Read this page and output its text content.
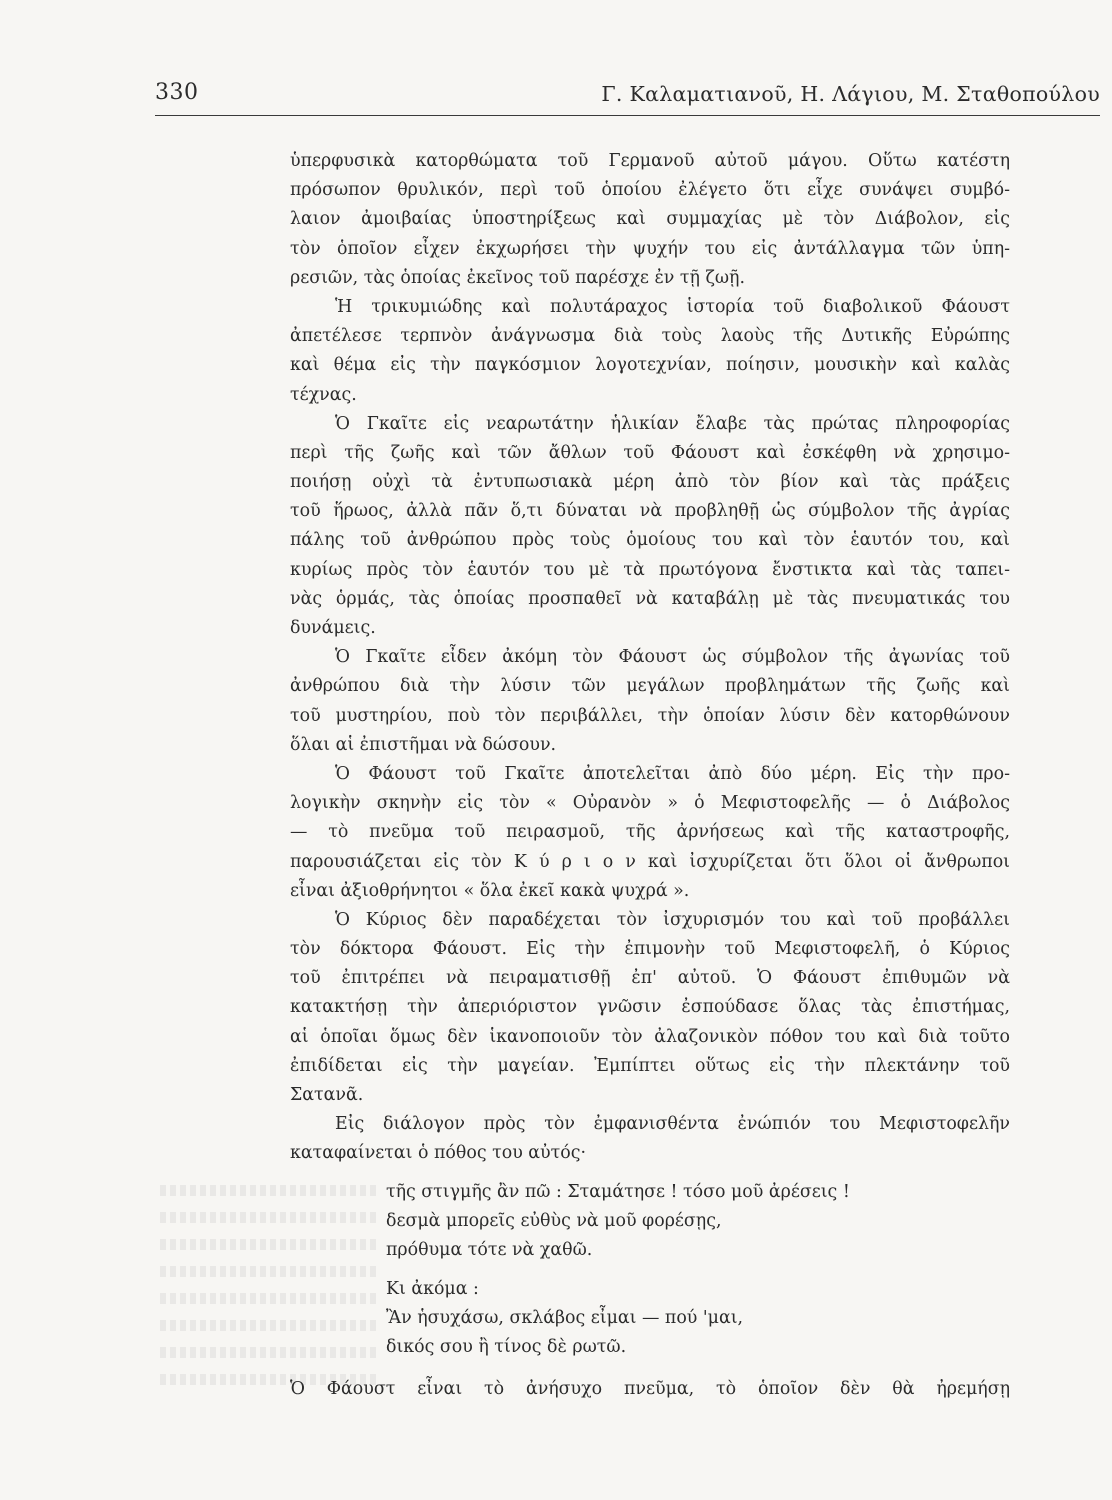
330	Γ. Καλαματιανοῦ, Η. Λάγιου, Μ. Σταθοπούλου
ὑπερφυσικὰ κατορθώματα τοῦ Γερμανοῦ αὐτοῦ μάγου. Οὕτω κατέστη
πρόσωπον θρυλικόν, περὶ τοῦ ὁποίου ἐλέγετο ὅτι εἶχε συνάψει συμβό-
λαιον ἀμοιβαίας ὑποστηρίξεως καὶ συμμαχίας μὲ τὸν Διάβολον, εἰς
τὸν ὁποῖον εἶχεν ἐκχωρήσει τὴν ψυχήν του εἰς ἀντάλλαγμα τῶν ὑπη-
ρεσιῶν, τὰς ὁποίας ἐκεῖνος τοῦ παρέσχε ἐν τῇ ζωῇ.
Ἡ τρικυμιώδης καὶ πολυτάραχος ἱστορία τοῦ διαβολικοῦ Φάουστ
ἀπετέλεσε τερπνὸν ἀνάγνωσμα διὰ τοὺς λαοὺς τῆς Δυτικῆς Εὐρώπης
καὶ θέμα εἰς τὴν παγκόσμιον λογοτεχνίαν, ποίησιν, μουσικὴν καὶ καλὰς
τέχνας.
Ὁ Γκαῖτε εἰς νεαρωτάτην ἡλικίαν ἔλαβε τὰς πρώτας πληροφορίας
περὶ τῆς ζωῆς καὶ τῶν ἄθλων τοῦ Φάουστ καὶ ἐσκέφθη νὰ χρησιμο-
ποιήσῃ οὐχὶ τὰ ἐντυπωσιακὰ μέρη ἀπὸ τὸν βίον καὶ τὰς πράξεις
τοῦ ἥρωος, ἀλλὰ πᾶν ὅ,τι δύναται νὰ προβληθῇ ὡς σύμβολον τῆς ἀγρίας
πάλης τοῦ ἀνθρώπου πρὸς τοὺς ὁμοίους του καὶ τὸν ἑαυτόν του, καὶ
κυρίως πρὸς τὸν ἑαυτόν του μὲ τὰ πρωτόγονα ἔνστικτα καὶ τὰς ταπει-
νὰς ὁρμάς, τὰς ὁποίας προσπαθεῖ νὰ καταβάλῃ μὲ τὰς πνευματικάς του
δυνάμεις.
Ὁ Γκαῖτε εἶδεν ἀκόμη τὸν Φάουστ ὡς σύμβολον τῆς ἀγωνίας τοῦ
ἀνθρώπου διὰ τὴν λύσιν τῶν μεγάλων προβλημάτων τῆς ζωῆς καὶ
τοῦ μυστηρίου, ποὺ τὸν περιβάλλει, τὴν ὁποίαν λύσιν δὲν κατορθώνουν
ὅλαι αἱ ἐπιστῆμαι νὰ δώσουν.
Ὁ Φάουστ τοῦ Γκαῖτε ἀποτελεῖται ἀπὸ δύο μέρη. Εἰς τὴν προ-
λογικὴν σκηνὴν εἰς τὸν « Οὐρανὸν » ὁ Μεφιστοφελῆς — ὁ Διάβολος
— τὸ πνεῦμα τοῦ πειρασμοῦ, τῆς ἀρνήσεως καὶ τῆς καταστροφῆς,
παρουσιάζεται εἰς τὸν Κ ύ ρ ι ο ν καὶ ἰσχυρίζεται ὅτι ὅλοι οἱ ἄνθρωποι
εἶναι ἀξιοθρήνητοι « ὅλα ἐκεῖ κακὰ ψυχρά ».
Ὁ Κύριος δὲν παραδέχεται τὸν ἰσχυρισμόν του καὶ τοῦ προβάλλει
τὸν δόκτορα Φάουστ. Εἰς τὴν ἐπιμονὴν τοῦ Μεφιστοφελῆ, ὁ Κύριος
τοῦ ἐπιτρέπει νὰ πειραματισθῇ ἐπ' αὐτοῦ. Ὁ Φάουστ ἐπιθυμῶν νὰ
κατακτήσῃ τὴν ἀπεριόριστον γνῶσιν ἐσπούδασε ὅλας τὰς ἐπιστήμας,
αἱ ὁποῖαι ὅμως δὲν ἱκανοποιοῦν τὸν ἀλαζονικὸν πόθον του καὶ διὰ τοῦτο
ἐπιδίδεται εἰς τὴν μαγείαν. Ἐμπίπτει οὕτως εἰς τὴν πλεκτάνην τοῦ
Σατανᾶ.
Εἰς διάλογον πρὸς τὸν ἐμφανισθέντα ἐνώπιόν του Μεφιστοφελῆν
καταφαίνεται ὁ πόθος του αὐτός·
τῆς στιγμῆς ἂν πῶ : Σταμάτησε ! τόσο μοῦ ἀρέσεις !
δεσμὰ μπορεῖς εὐθὺς νὰ μοῦ φορέσῃς,
πρόθυμα τότε νὰ χαθῶ.
Κι ἀκόμα :
Ἂν ἡσυχάσω, σκλάβος εἶμαι — πού 'μαι,
δικός σου ἢ τίνος δὲ ρωτῶ.
Ὁ Φάουστ εἶναι τὸ ἀνήσυχο πνεῦμα, τὸ ὁποῖον δὲν θὰ ἠρεμήσῃ
